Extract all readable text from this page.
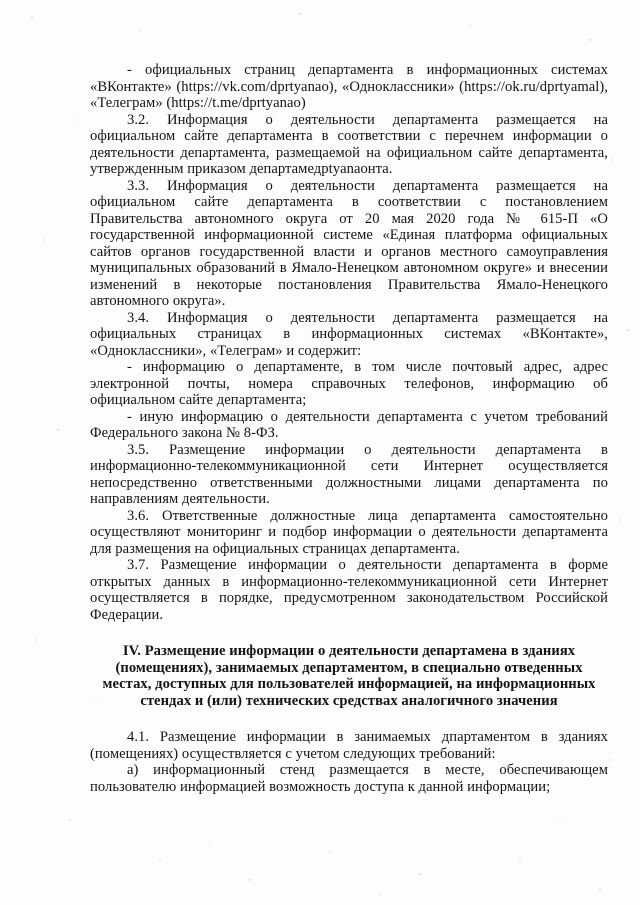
- официальных страниц департамента в информационных системах «ВКонтакте» (https://vk.com/dprtyanao), «Одноклассники» (https://ok.ru/dprtyamal), «Телеграм» (https://t.me/dprtyanao)

3.2. Информация о деятельности департамента размещается на официальном сайте департамента в соответствии с перечнем информации о деятельности департамента, размещаемой на официальном сайте департамента, утвержденным приказом департамедрtyanaoнта.

3.3. Информация о деятельности департамента размещается на официальном сайте департамента в соответствии с постановлением Правительства автономного округа от 20 мая 2020 года № 615-П «О государственной информационной системе «Единая платформа официальных сайтов органов государственной власти и органов местного самоуправления муниципальных образований в Ямало-Ненецком автономном округе» и внесении изменений в некоторые постановления Правительства Ямало-Ненецкого автономного округа».

3.4. Информация о деятельности департамента размещается на официальных страницах в информационных системах «ВКонтакте», «Одноклассники», «Телеграм» и содержит:

- информацию о департаменте, в том числе почтовый адрес, адрес электронной почты, номера справочных телефонов, информацию об официальном сайте департамента;

- иную информацию о деятельности департамента с учетом требований Федерального закона № 8-ФЗ.

3.5. Размещение информации о деятельности департамента в информационно-телекоммуникационной сети Интернет осуществляется непосредственно ответственными должностными лицами департамента по направлениям деятельности.

3.6. Ответственные должностные лица департамента самостоятельно осуществляют мониторинг и подбор информации о деятельности департамента для размещения на официальных страницах департамента.

3.7. Размещение информации о деятельности департамента в форме открытых данных в информационно-телекоммуникационной сети Интернет осуществляется в порядке, предусмотренном законодательством Российской Федерации.

IV. Размещение информации о деятельности департамена в зданиях (помещениях), занимаемых департаментом, в специально отведенных местах, доступных для пользователей информацией, на информационных стендах и (или) технических средствах аналогичного значения

4.1. Размещение информации в занимаемых дпартаментом в зданиях (помещениях) осуществляется с учетом следующих требований:

а) информационный стенд размещается в месте, обеспечивающем пользователю информацией возможность доступа к данной информации;
